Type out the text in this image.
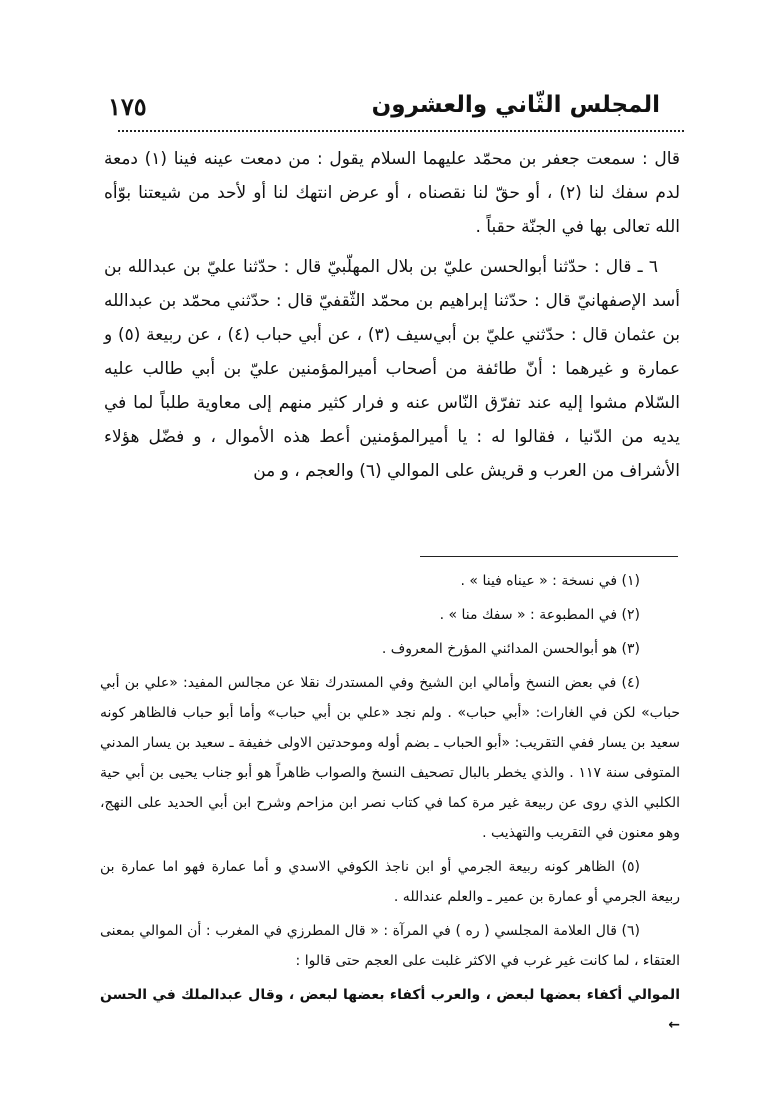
١٧٥	المجلس الثّاني والعشرون

قال : سمعت جعفر بن محمّد عليهما السلام يقول : من دمعت عينه فينا (١) دمعة لدم سفك لنا (٢) ، أو حقّ لنا نقصناه ، أو عرض انتهك لنا أو لأحد من شيعتنا بوّأه الله تعالى بها في الجنّة حقباً .

٦ ـ قال : حدّثنا أبوالحسن عليّ بن بلال المهلّبيّ قال : حدّثنا عليّ بن عبدالله بن أسد الإصفهانيّ قال : حدّثنا إبراهيم بن محمّد الثّقفيّ قال : حدّثني محمّد بن عبدالله بن عثمان قال : حدّثني عليّ بن أبي‌سيف (٣) ، عن أبي حباب (٤) ، عن ربيعة (٥) و عمارة و غيرهما : أنّ طائفة من أصحاب أميرالمؤمنين عليّ بن أبي طالب عليه السّلام مشوا إليه عند تفرّق النّاس عنه و فرار كثير منهم إلى معاوية طلباً لما في يديه من الدّنيا ، فقالوا له : يا أميرالمؤمنين أعط هذه الأموال ، و فضّل هؤلاء الأشراف من العرب و قريش على الموالي (٦) والعجم ، و من

(١) في نسخة : « عيناه فينا » .

(٢) في المطبوعة : « سفك منا » .

(٣) هو أبوالحسن المدائني المؤرخ المعروف .

(٤) في بعض النسخ وأمالي ابن الشيخ وفي المستدرك نقلا عن مجالس المفيد: «علي بن أبي حباب» لكن في الغارات: «أبي حباب» . ولم نجد «علي بن أبي حباب» وأما أبو حباب فالظاهر كونه سعيد بن يسار ففي التقريب: «أبو الحباب ـ بضم أوله وموحدتين الاولى خفيفة ـ سعيد بن يسار المدني المتوفى سنة ١١٧ . والذي يخطر بالبال تصحيف النسخ والصواب ظاهراً هو أبو جناب يحيى بن أبي حية الكلبي الذي روى عن ربيعة غير مرة كما في كتاب نصر ابن مزاحم وشرح ابن أبي الحديد على النهج، وهو معنون في التقريب والتهذيب .

(٥) الظاهر كونه ربيعة الجرمي أو ابن ناجذ الكوفي الاسدي و أما عمارة فهو اما عمارة بن ربيعة الجرمي أو عمارة بن عمير ـ والعلم عندالله .

(٦) قال العلامة المجلسي ( ره ) في المرآة : « قال المطرزي في المغرب : أن الموالي بمعنى العتقاء ، لما كانت غير غرب في الاكثر غلبت على العجم حتى قالوا :

الموالي أكفاء بعضها لبعض ، والعرب أكفاء بعضها لبعض ، وقال عبدالملك في الحسن ←
